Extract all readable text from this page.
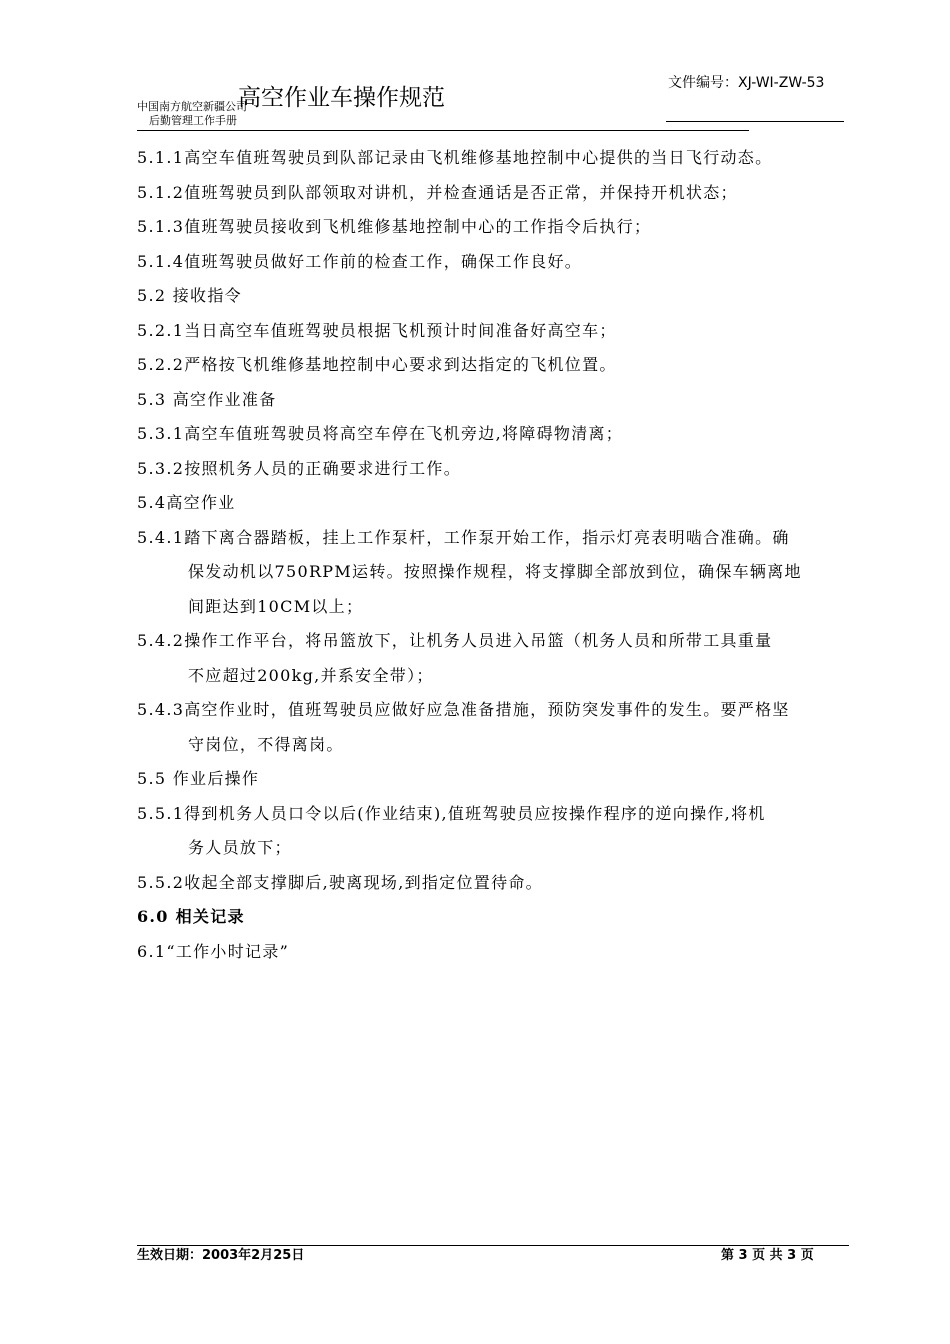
中国南方航空新疆公司
后勤管理工作手册
高空作业车操作规范
文件编号：XJ-WI-ZW-53
5.1.1高空车值班驾驶员到队部记录由飞机维修基地控制中心提供的当日飞行动态。
5.1.2值班驾驶员到队部领取对讲机，并检查通话是否正常，并保持开机状态；
5.1.3值班驾驶员接收到飞机维修基地控制中心的工作指令后执行；
5.1.4值班驾驶员做好工作前的检查工作，确保工作良好。
5.2 接收指令
5.2.1当日高空车值班驾驶员根据飞机预计时间准备好高空车；
5.2.2严格按飞机维修基地控制中心要求到达指定的飞机位置。
5.3 高空作业准备
5.3.1高空车值班驾驶员将高空车停在飞机旁边,将障碍物清离；
5.3.2按照机务人员的正确要求进行工作。
5.4高空作业
5.4.1踏下离合器踏板，挂上工作泵杆，工作泵开始工作，指示灯亮表明啮合准确。确
保发动机以750RPM运转。按照操作规程，将支撑脚全部放到位，确保车辆离地
间距达到10CM以上；
5.4.2操作工作平台，将吊篮放下，让机务人员进入吊篮（机务人员和所带工具重量
不应超过200kg,并系安全带）；
5.4.3高空作业时，值班驾驶员应做好应急准备措施，预防突发事件的发生。要严格坚
守岗位，不得离岗。
5.5 作业后操作
5.5.1得到机务人员口令以后(作业结束),值班驾驶员应按操作程序的逆向操作,将机
务人员放下；
5.5.2收起全部支撑脚后,驶离现场,到指定位置待命。
6.0 相关记录
6.1“工作小时记录”
生效日期：2003年2月25日	第 3 页 共 3 页
